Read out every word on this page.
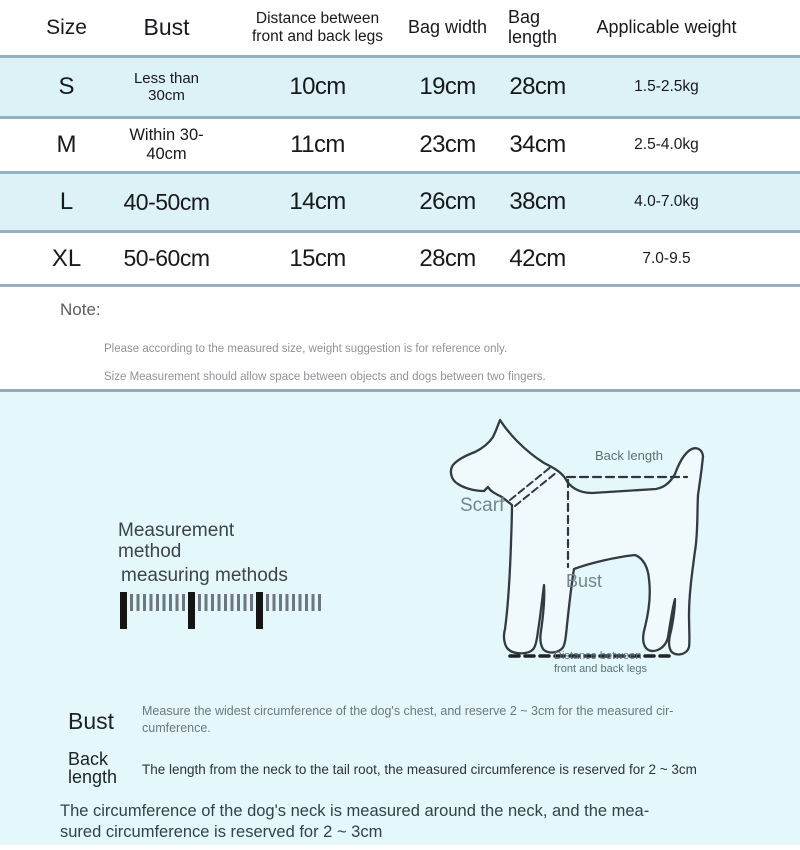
Size	Bust	Distance between front and back legs	Bag width	Bag length	Applicable weight
S	Less than 30cm	10cm	19cm	28cm	1.5-2.5kg
M	Within 30-40cm	11cm	23cm	34cm	2.5-4.0kg
L	40-50cm	14cm	26cm	38cm	4.0-7.0kg
XL	50-60cm	15cm	28cm	42cm	7.0-9.5
Note:
Please according to the measured size, weight suggestion is for reference only.
Size Measurement should allow space between objects and dogs between two fingers.
Measurement method
measuring methods
Back length
Scarf
Bust
Distance between
front and back legs
Bust Measure the widest circumference of the dog's chest, and reserve 2 ~ 3cm for the measured cir-
cumference.
Back length	The length from the neck to the tail root, the measured circumference is reserved for 2 ~ 3cm
The circumference of the dog's neck is measured around the neck, and the mea-
sured circumference is reserved for 2 ~ 3cm
